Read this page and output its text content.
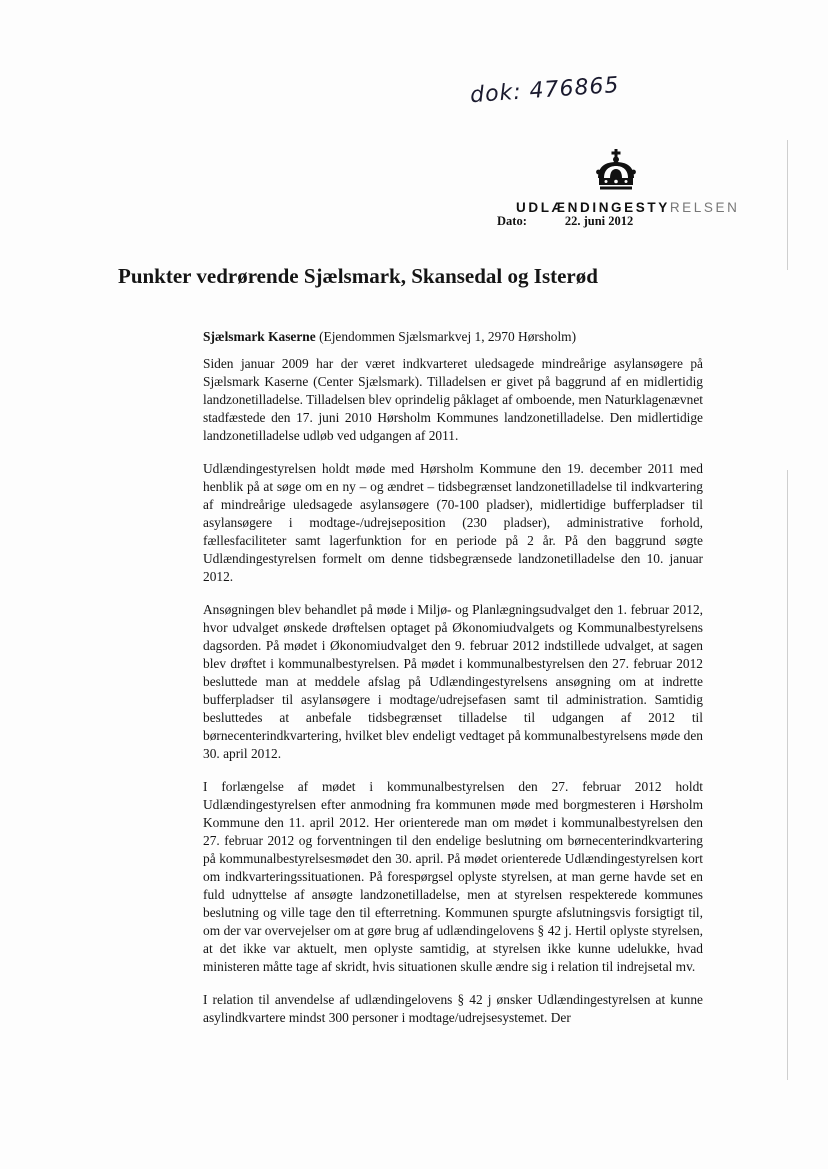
dok: 476865
UDLÆNDINGESTYRELSEN
Dato:	22. juni 2012
Punkter vedrørende Sjælsmark, Skansedal og Isterød

Sjælsmark Kaserne (Ejendommen Sjælsmarkvej 1, 2970 Hørsholm)

Siden januar 2009 har der været indkvarteret uledsagede mindreårige asylansøgere på Sjælsmark Kaserne (Center Sjælsmark). Tilladelsen er givet på baggrund af en midlertidig landzonetilladelse. Tilladelsen blev oprindelig påklaget af omboende, men Naturklagenævnet stadfæstede den 17. juni 2010 Hørsholm Kommunes landzonetilladelse. Den midlertidige landzonetilladelse udløb ved udgangen af 2011.

Udlændingestyrelsen holdt møde med Hørsholm Kommune den 19. december 2011 med henblik på at søge om en ny – og ændret – tidsbegrænset landzonetilladelse til indkvartering af mindreårige uledsagede asylansøgere (70-100 pladser), midlertidige bufferpladser til asylansøgere i modtage-/udrejseposition (230 pladser), administrative forhold, fællesfaciliteter samt lagerfunktion for en periode på 2 år. På den baggrund søgte Udlændingestyrelsen formelt om denne tidsbegrænsede landzonetilladelse den 10. januar 2012.

Ansøgningen blev behandlet på møde i Miljø- og Planlægningsudvalget den 1. februar 2012, hvor udvalget ønskede drøftelsen optaget på Økonomiudvalgets og Kommunalbestyrelsens dagsorden. På mødet i Økonomiudvalget den 9. februar 2012 indstillede udvalget, at sagen blev drøftet i kommunalbestyrelsen. På mødet i kommunalbestyrelsen den 27. februar 2012 besluttede man at meddele afslag på Udlændingestyrelsens ansøgning om at indrette bufferpladser til asylansøgere i modtage/udrejsefasen samt til administration. Samtidig besluttedes at anbefale tidsbegrænset tilladelse til udgangen af 2012 til børnecenterindkvartering, hvilket blev endeligt vedtaget på kommunalbestyrelsens møde den 30. april 2012.

I forlængelse af mødet i kommunalbestyrelsen den 27. februar 2012 holdt Udlændingestyrelsen efter anmodning fra kommunen møde med borgmesteren i Hørsholm Kommune den 11. april 2012. Her orienterede man om mødet i kommunalbestyrelsen den 27. februar 2012 og forventningen til den endelige beslutning om børnecenterindkvartering på kommunalbestyrelsesmødet den 30. april. På mødet orienterede Udlændingestyrelsen kort om indkvarteringssituationen. På forespørgsel oplyste styrelsen, at man gerne havde set en fuld udnyttelse af ansøgte landzonetilladelse, men at styrelsen respekterede kommunes beslutning og ville tage den til efterretning. Kommunen spurgte afslutningsvis forsigtigt til, om der var overvejelser om at gøre brug af udlændingelovens § 42 j. Hertil oplyste styrelsen, at det ikke var aktuelt, men oplyste samtidig, at styrelsen ikke kunne udelukke, hvad ministeren måtte tage af skridt, hvis situationen skulle ændre sig i relation til indrejsetal mv.

I relation til anvendelse af udlændingelovens § 42 j ønsker Udlændingestyrelsen at kunne asylindkvartere mindst 300 personer i modtage/udrejsesystemet. Der
